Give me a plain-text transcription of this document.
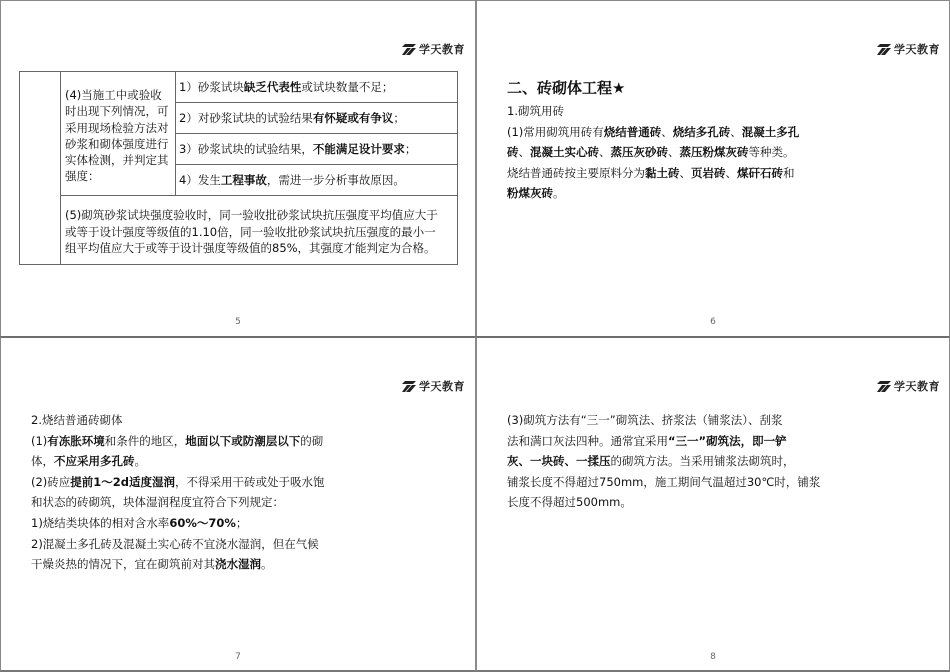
学天教育
(4)当施工中或验收
时出现下列情况，可
采用现场检验方法对
砂浆和砌体强度进行
实体检测，并判定其
强度：
1）砂浆试块缺乏代表性或试块数量不足；
2）对砂浆试块的试验结果有怀疑或有争议；
3）砂浆试块的试验结果，不能满足设计要求；
4）发生工程事故，需进一步分析事故原因。
(5)砌筑砂浆试块强度验收时，同一验收批砂浆试块抗压强度平均值应大于
或等于设计强度等级值的1.10倍，同一验收批砂浆试块抗压强度的最小一
组平均值应大于或等于设计强度等级值的85%，其强度才能判定为合格。
5
学天教育
二、砖砌体工程★
1.砌筑用砖
(1)常用砌筑用砖有烧结普通砖、烧结多孔砖、混凝土多孔
砖、混凝土实心砖、蒸压灰砂砖、蒸压粉煤灰砖等种类。
烧结普通砖按主要原料分为黏土砖、页岩砖、煤矸石砖和
粉煤灰砖。
6
学天教育
2.烧结普通砖砌体
(1)有冻胀环境和条件的地区，地面以下或防潮层以下的砌
体，不应采用多孔砖。
(2)砖应提前1～2d适度湿润，不得采用干砖或处于吸水饱
和状态的砖砌筑，块体湿润程度宜符合下列规定：
1)烧结类块体的相对含水率60%～70%；
2)混凝土多孔砖及混凝土实心砖不宜浇水湿润，但在气候
干燥炎热的情况下，宜在砌筑前对其浇水湿润。
7
学天教育
(3)砌筑方法有“三一”砌筑法、挤浆法（铺浆法）、刮浆
法和满口灰法四种。通常宜采用“三一”砌筑法，即一铲
灰、一块砖、一揉压的砌筑方法。当采用铺浆法砌筑时，
铺浆长度不得超过750mm，施工期间气温超过30℃时，铺浆
长度不得超过500mm。
8
